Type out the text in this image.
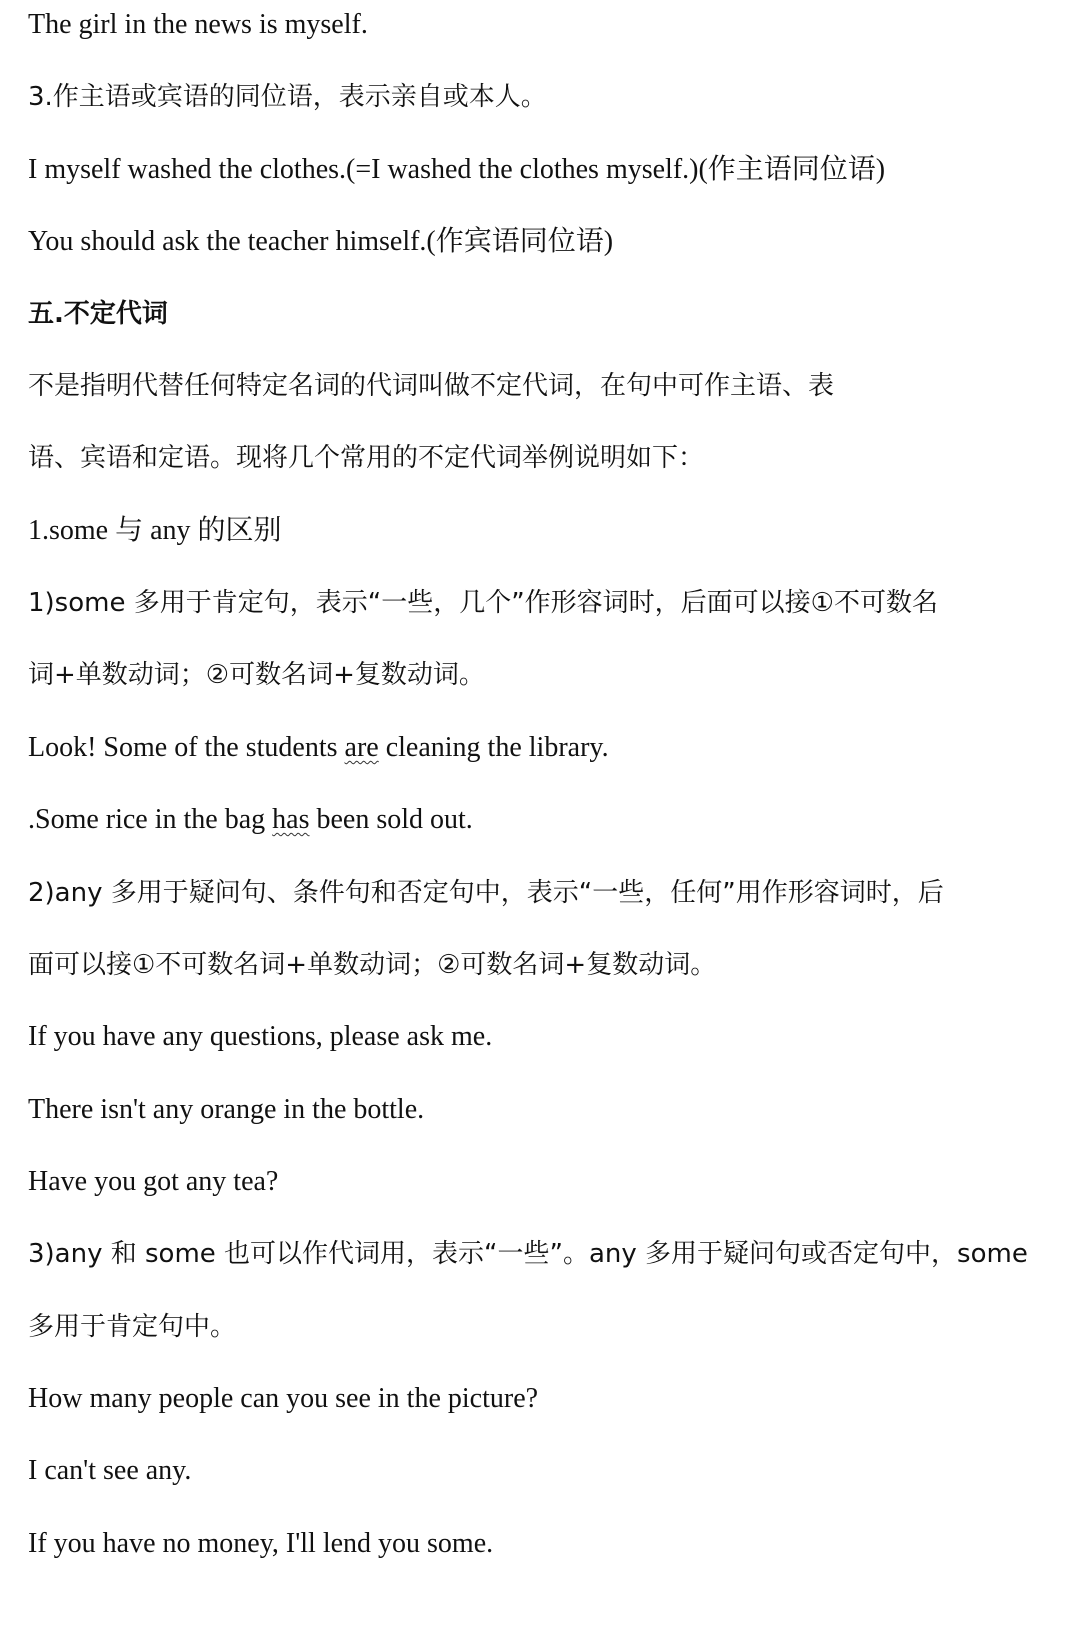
The girl in the news is myself.
3.作主语或宾语的同位语，表示亲自或本人。
I myself washed the clothes.(=I washed the clothes myself.)(作主语同位语)
You should ask the teacher himself.(作宾语同位语)
五.不定代词
不是指明代替任何特定名词的代词叫做不定代词，在句中可作主语、表
语、宾语和定语。现将几个常用的不定代词举例说明如下：
1.some 与 any 的区别
1)some 多用于肯定句，表示“一些，几个”作形容词时，后面可以接①不可数名
词+单数动词；②可数名词+复数动词。
Look! Some of the students are cleaning the library.
.Some rice in the bag has been sold out.
2)any 多用于疑问句、条件句和否定句中，表示“一些，任何”用作形容词时，后
面可以接①不可数名词+单数动词；②可数名词+复数动词。
If you have any questions, please ask me.
There isn't any orange in the bottle.
Have you got any tea?
3)any 和 some 也可以作代词用，表示“一些”。any 多用于疑问句或否定句中，some
多用于肯定句中。
How many people can you see in the picture?
I can't see any.
If you have no money, I'll lend you some.
